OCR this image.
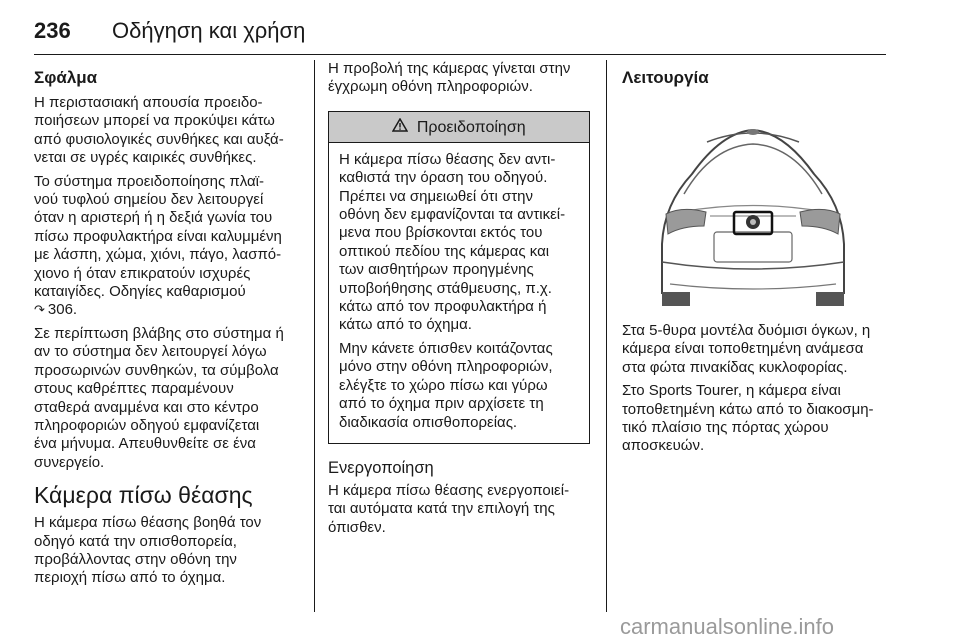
236 Οδήγηση και χρήση
Σφάλμα

Η περιστασιακή απουσία προειδο-
ποιήσεων μπορεί να προκύψει κάτω
από φυσιολογικές συνθήκες και αυξά-
νεται σε υγρές καιρικές συνθήκες.

Το σύστημα προειδοποίησης πλαϊ-
νού τυφλού σημείου δεν λειτουργεί
όταν η αριστερή ή η δεξιά γωνία του
πίσω προφυλακτήρα είναι καλυμμένη
με λάσπη, χώμα, χιόνι, πάγο, λασπό-
χιονο ή όταν επικρατούν ισχυρές
καταιγίδες. Οδηγίες καθαρισμού
↷ 306.

Σε περίπτωση βλάβης στο σύστημα ή
αν το σύστημα δεν λειτουργεί λόγω
προσωρινών συνθηκών, τα σύμβολα
στους καθρέπτες παραμένουν
σταθερά αναμμένα και στο κέντρο
πληροφοριών οδηγού εμφανίζεται
ένα μήνυμα. Απευθυνθείτε σε ένα
συνεργείο.

Κάμερα πίσω θέασης

Η κάμερα πίσω θέασης βοηθά τον
οδηγό κατά την οπισθοπορεία,
προβάλλοντας στην οθόνη την
περιοχή πίσω από το όχημα.

Η προβολή της κάμερας γίνεται στην
έγχρωμη οθόνη πληροφοριών.

Προειδοποίηση

Η κάμερα πίσω θέασης δεν αντι-
καθιστά την όραση του οδηγού.
Πρέπει να σημειωθεί ότι στην
οθόνη δεν εμφανίζονται τα αντικεί-
μενα που βρίσκονται εκτός του
οπτικού πεδίου της κάμερας και
των αισθητήρων προηγμένης
υποβοήθησης στάθμευσης, π.χ.
κάτω από τον προφυλακτήρα ή
κάτω από το όχημα.

Μην κάνετε όπισθεν κοιτάζοντας
μόνο στην οθόνη πληροφοριών,
ελέγξτε το χώρο πίσω και γύρω
από το όχημα πριν αρχίσετε τη
διαδικασία οπισθοπορείας.

Ενεργοποίηση

Η κάμερα πίσω θέασης ενεργοποιεί-
ται αυτόματα κατά την επιλογή της
όπισθεν.

Λειτουργία

Στα 5-θυρα μοντέλα δυόμισι όγκων, η
κάμερα είναι τοποθετημένη ανάμεσα
στα φώτα πινακίδας κυκλοφορίας.

Στο Sports Tourer, η κάμερα είναι
τοποθετημένη κάτω από το διακοσμη-
τικό πλαίσιο της πόρτας χώρου
αποσκευών.

carmanualsonline.info
